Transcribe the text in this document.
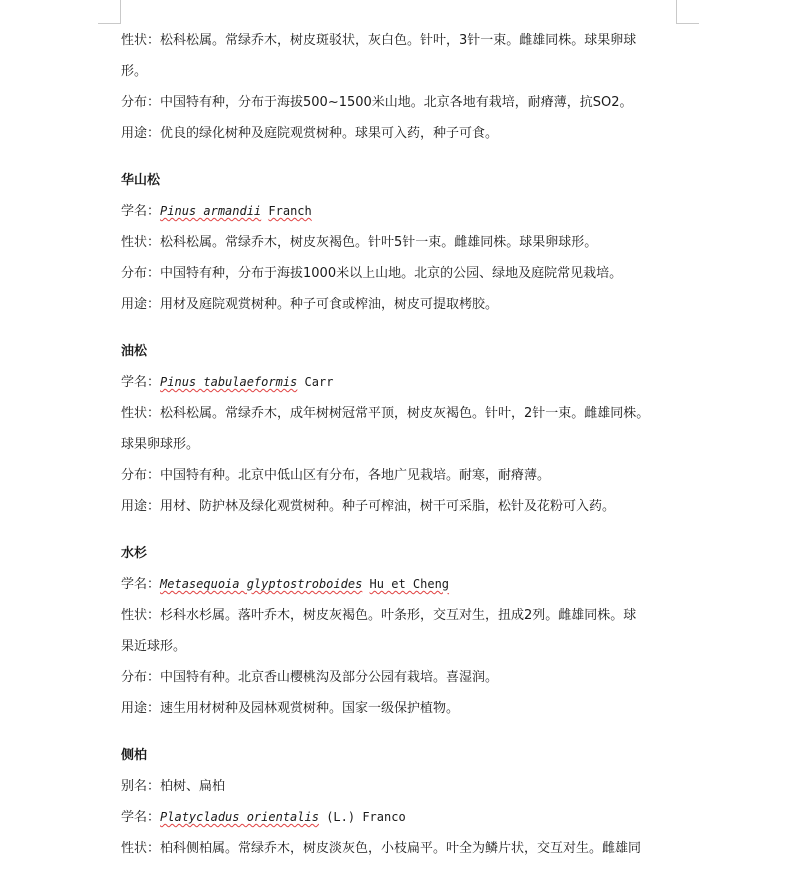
性状：松科松属。常绿乔木，树皮斑驳状，灰白色。针叶，3针一束。雌雄同株。球果卵球
形。
分布：中国特有种，分布于海拔500~1500米山地。北京各地有栽培，耐瘠薄，抗SO2。
用途：优良的绿化树种及庭院观赏树种。球果可入药，种子可食。
华山松
学名：Pinus armandii Franch
性状：松科松属。常绿乔木，树皮灰褐色。针叶5针一束。雌雄同株。球果卵球形。
分布：中国特有种，分布于海拔1000米以上山地。北京的公园、绿地及庭院常见栽培。
用途：用材及庭院观赏树种。种子可食或榨油，树皮可提取栲胶。
油松
学名：Pinus tabulaeformis Carr
性状：松科松属。常绿乔木，成年树树冠常平顶，树皮灰褐色。针叶，2针一束。雌雄同株。
球果卵球形。
分布：中国特有种。北京中低山区有分布，各地广见栽培。耐寒，耐瘠薄。
用途：用材、防护林及绿化观赏树种。种子可榨油，树干可采脂，松针及花粉可入药。
水杉
学名：Metasequoia glyptostroboides Hu et Cheng
性状：杉科水杉属。落叶乔木，树皮灰褐色。叶条形，交互对生，扭成2列。雌雄同株。球
果近球形。
分布：中国特有种。北京香山樱桃沟及部分公园有栽培。喜湿润。
用途：速生用材树种及园林观赏树种。国家一级保护植物。
侧柏
别名：柏树、扁柏
学名：Platycladus orientalis (L.) Franco
性状：柏科侧柏属。常绿乔木，树皮淡灰色，小枝扁平。叶全为鳞片状，交互对生。雌雄同
